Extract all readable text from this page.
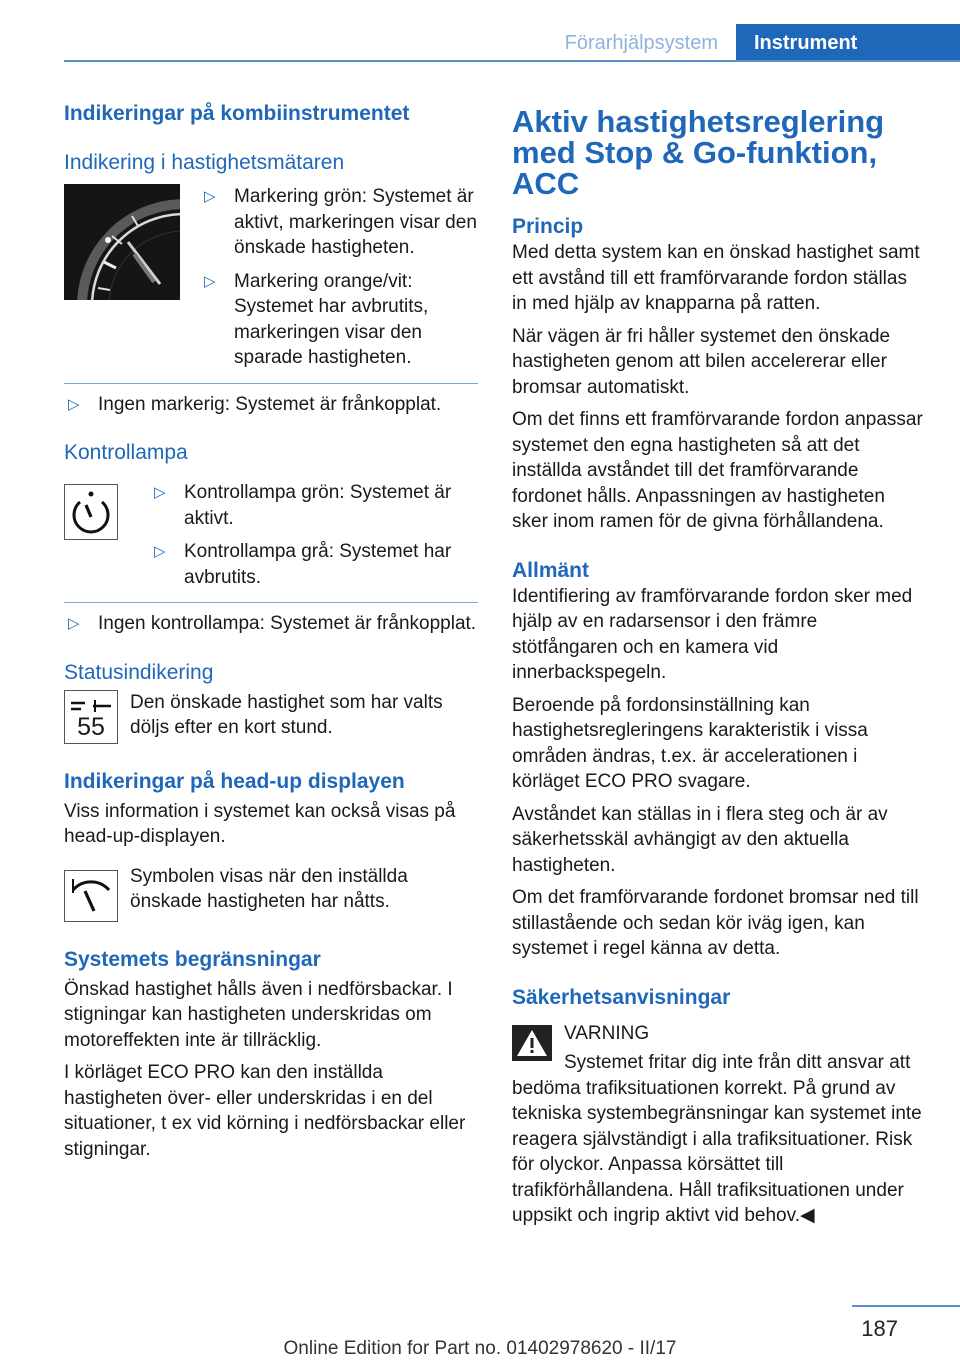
Förarhjälpsystem	Instrument
Indikeringar på kombiinstrumentet
Indikering i hastighetsmätaren
▷ Markering grön: Systemet är aktivt, markeringen visar den önskade hastigheten.
▷ Markering orange/vit: Systemet har avbrutits, markeringen visar den sparade hastigheten.
▷ Ingen markerig: Systemet är frånkopplat.
Kontrollampa
▷ Kontrollampa grön: Systemet är aktivt.
▷ Kontrollampa grå: Systemet har avbrutits.
▷ Ingen kontrollampa: Systemet är frånkopplat.
Statusindikering
55

Den önskade hastighet som har valts döljs efter en kort stund.

Indikeringar på head-up displayen

Viss information i systemet kan också visas på head-up-displayen.

Symbolen visas när den inställda önskade hastigheten har nåtts.

Systemets begränsningar

Önskad hastighet hålls även i nedförsbackar. I stigningar kan hastigheten underskridas om motoreffekten inte är tillräcklig.

I körläget ECO PRO kan den inställda hastigheten över- eller underskridas i en del situationer, t ex vid körning i nedförsbackar eller stigningar.

Aktiv hastighetsreglering med Stop & Go-funktion, ACC
Princip

Med detta system kan en önskad hastighet samt ett avstånd till ett framförvarande fordon ställas in med hjälp av knapparna på ratten.

När vägen är fri håller systemet den önskade hastigheten genom att bilen accelererar eller bromsar automatiskt.

Om det finns ett framförvarande fordon anpassar systemet den egna hastigheten så att det inställda avståndet till det framförvarande fordonet hålls. Anpassningen av hastigheten sker inom ramen för de givna förhållandena.

Allmänt

Identifiering av framförvarande fordon sker med hjälp av en radarsensor i den främre stötfångaren och en kamera vid innerbackspegeln.

Beroende på fordonsinställning kan hastighetsregleringens karakteristik i vissa områden ändras, t.ex. är accelerationen i körläget ECO PRO svagare.

Avståndet kan ställas in i flera steg och är av säkerhetsskäl avhängigt av den aktuella hastigheten.

Om det framförvarande fordonet bromsar ned till stillastående och sedan kör iväg igen, kan systemet i regel känna av detta.

Säkerhetsanvisningar

VARNING

Systemet fritar dig inte från ditt ansvar att bedöma trafiksituationen korrekt. På grund av tekniska systembegränsningar kan systemet inte reagera självständigt i alla trafiksituationer. Risk för olyckor. Anpassa körsättet till trafikförhållandena. Håll trafiksituationen under uppsikt och ingrip aktivt vid behov.◀

187
Online Edition for Part no. 01402978620 - II/17
